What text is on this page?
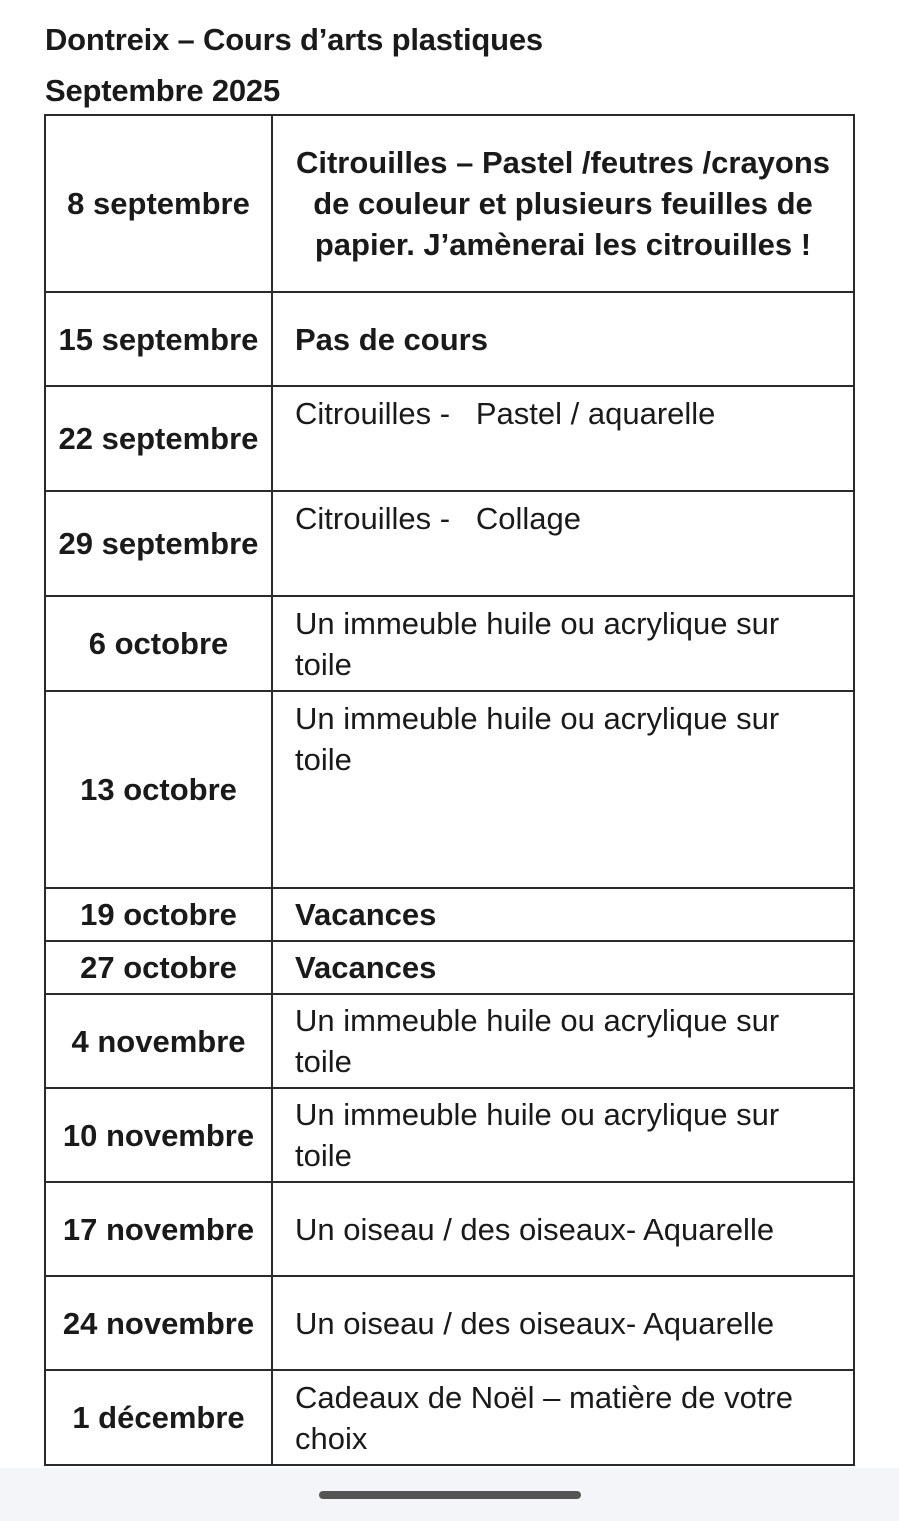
Dontreix – Cours d’arts plastiques
Septembre 2025
8 septembre	Citrouilles – Pastel /feutres /crayons de couleur et plusieurs feuilles de papier. J’amènerai les citrouilles !
15 septembre	Pas de cours
22 septembre	Citrouilles -   Pastel / aquarelle
29 septembre	Citrouilles -   Collage
6 octobre	Un immeuble huile ou acrylique sur toile
13 octobre	Un immeuble huile ou acrylique sur toile
19 octobre	Vacances
27 octobre	Vacances
4 novembre	Un immeuble huile ou acrylique sur toile
10 novembre	Un immeuble huile ou acrylique sur toile
17 novembre	Un oiseau / des oiseaux- Aquarelle
24 novembre	Un oiseau / des oiseaux- Aquarelle
1 décembre	Cadeaux de Noël – matière de votre choix
